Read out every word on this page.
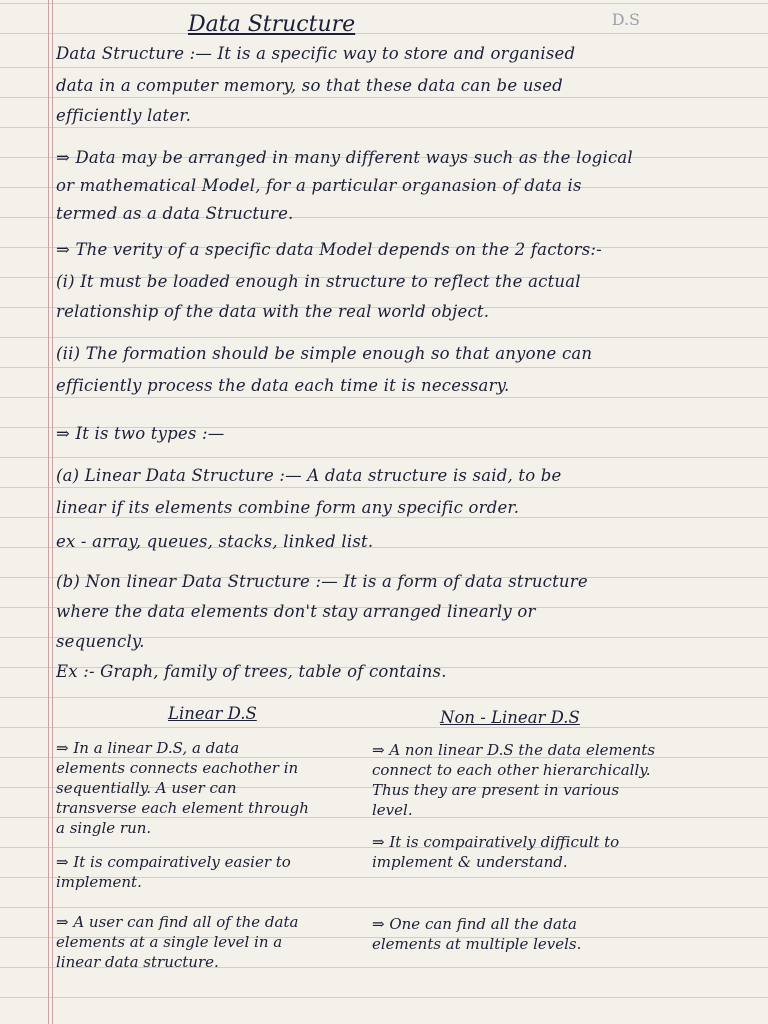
Data Structure	D.S
Data Structure :— It is a specific way to store and organised
data in a computer memory, so that these data can be used
efficiently later.
⇒ Data may be arranged in many different ways such as the logical
or mathematical Model, for a particular organasion of data is
termed as a data Structure.
⇒ The verity of a specific data Model depends on the 2 factors:-
(i) It must be loaded enough in structure to reflect the actual
relationship of the data with the real world object.
(ii) The formation should be simple enough so that anyone can
efficiently process the data each time it is necessary.
⇒ It is two types :—
(a) Linear Data Structure :— A data structure is said, to be
linear if its elements combine form any specific order.
ex - array, queues, stacks, linked list.
(b) Non linear Data Structure :— It is a form of data structure
where the data elements don't stay arranged linearly or
sequencly.
Ex :- Graph, family of trees, table of contains.
Linear D.S	Non - Linear D.S
⇒ In a linear D.S, a data
elements connects eachother in
sequentially. A user can
transverse each element through
a single run.
⇒ It is compairatively easier to
implement.
⇒ A user can find all of the data
elements at a single level in a
linear data structure.
⇒ A non linear D.S the data elements
connect to each other hierarchically.
Thus they are present in various
level.
⇒ It is compairatively difficult to
implement & understand.
⇒ One can find all the data
elements at multiple levels.
